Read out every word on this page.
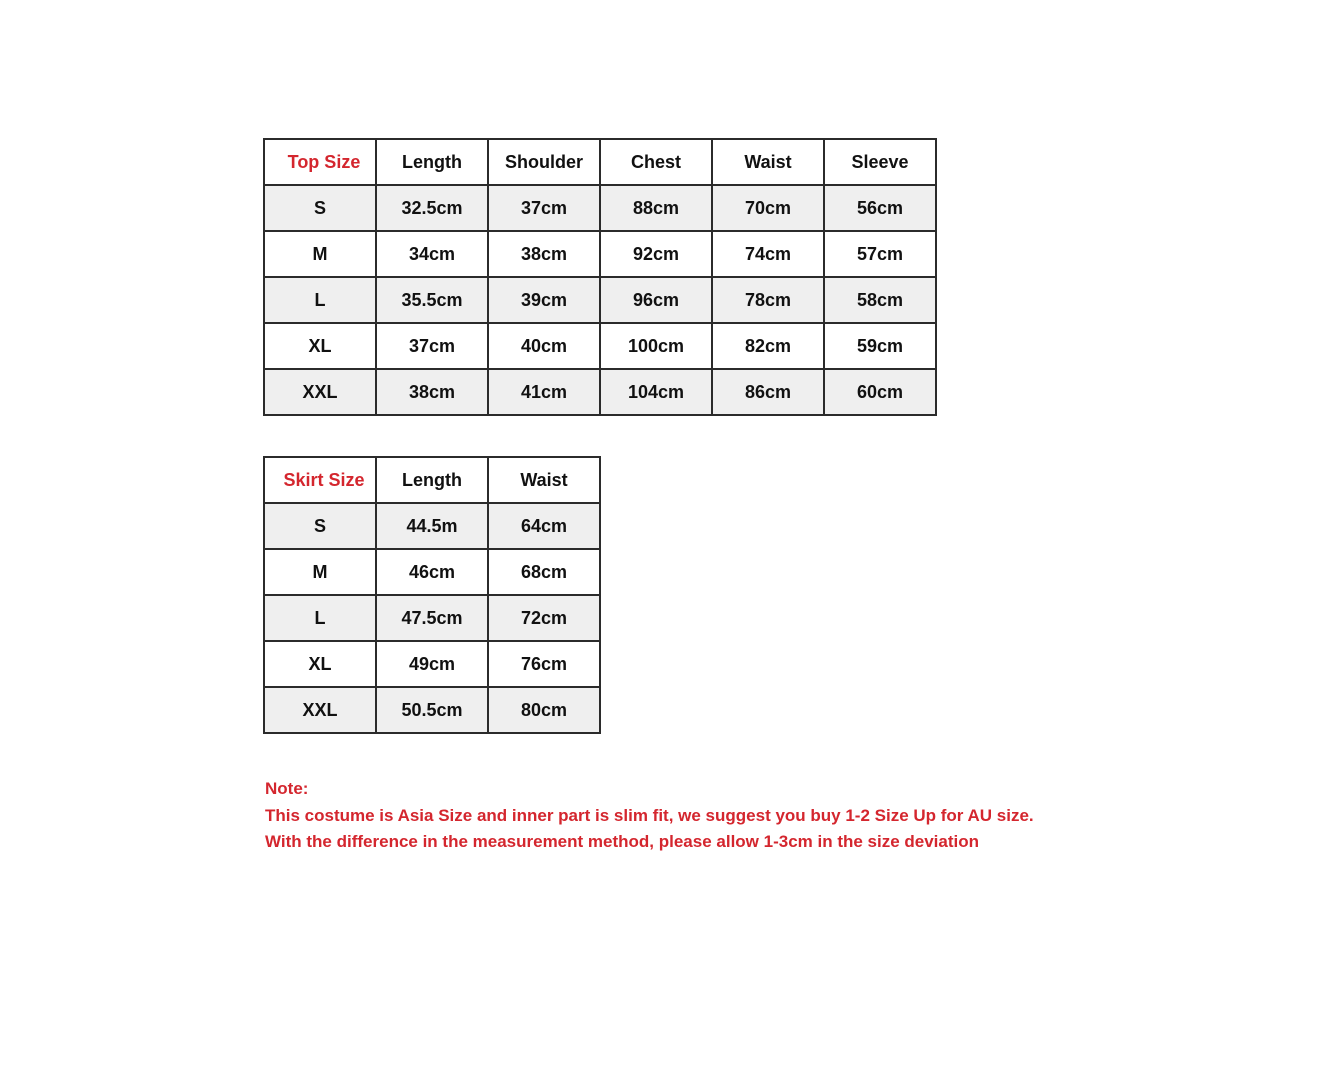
Top Size	Length	Shoulder	Chest	Waist	Sleeve
S	32.5cm	37cm	88cm	70cm	56cm
M	34cm	38cm	92cm	74cm	57cm
L	35.5cm	39cm	96cm	78cm	58cm
XL	37cm	40cm	100cm	82cm	59cm
XXL	38cm	41cm	104cm	86cm	60cm
Skirt Size	Length	Waist
S	44.5m	64cm
M	46cm	68cm
L	47.5cm	72cm
XL	49cm	76cm
XXL	50.5cm	80cm
Note:
This costume is Asia Size and inner part is slim fit, we suggest you buy 1-2 Size Up for AU size.
With the difference in the measurement method, please allow 1-3cm in the size deviation
